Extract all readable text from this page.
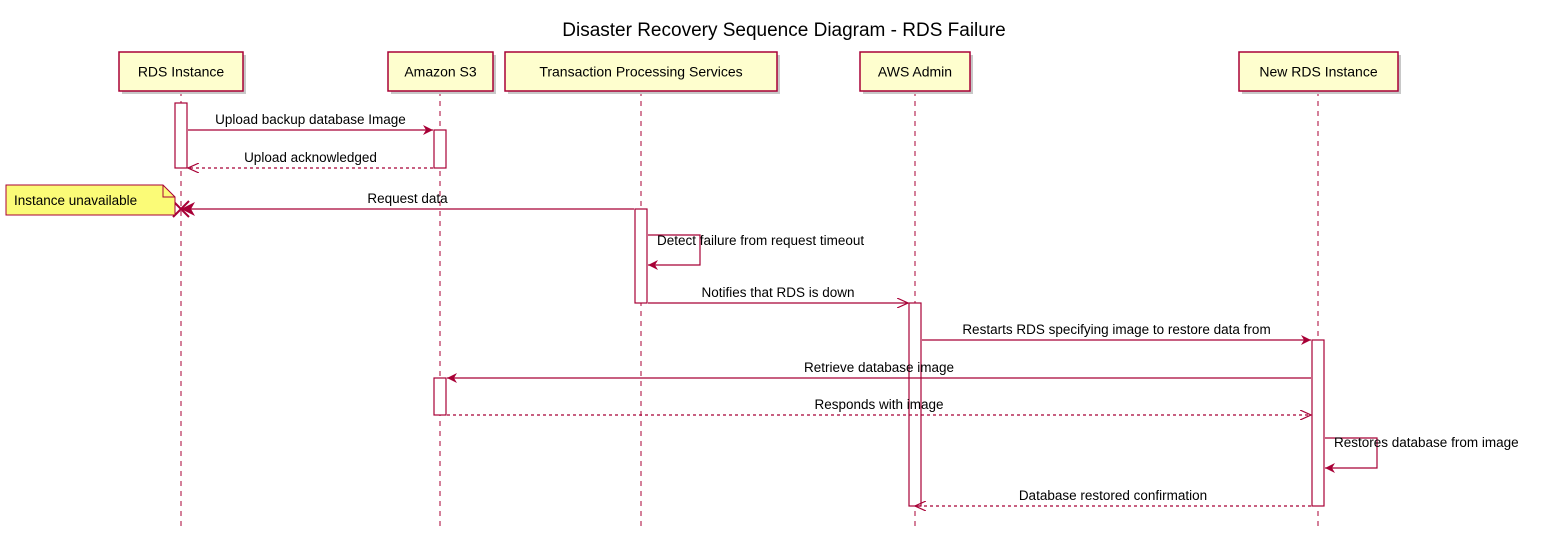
Disaster Recovery Sequence Diagram - RDS Failure
Upload backup database Image
Upload acknowledged
Request data
Detect failure from request timeout
Notifies that RDS is down
Restarts RDS specifying image to restore data from
Retrieve database image
Responds with image
Restores database from image
Database restored confirmation
RDS Instance	Amazon S3	Transaction Processing Services	AWS Admin	New RDS Instance
Instance unavailable
